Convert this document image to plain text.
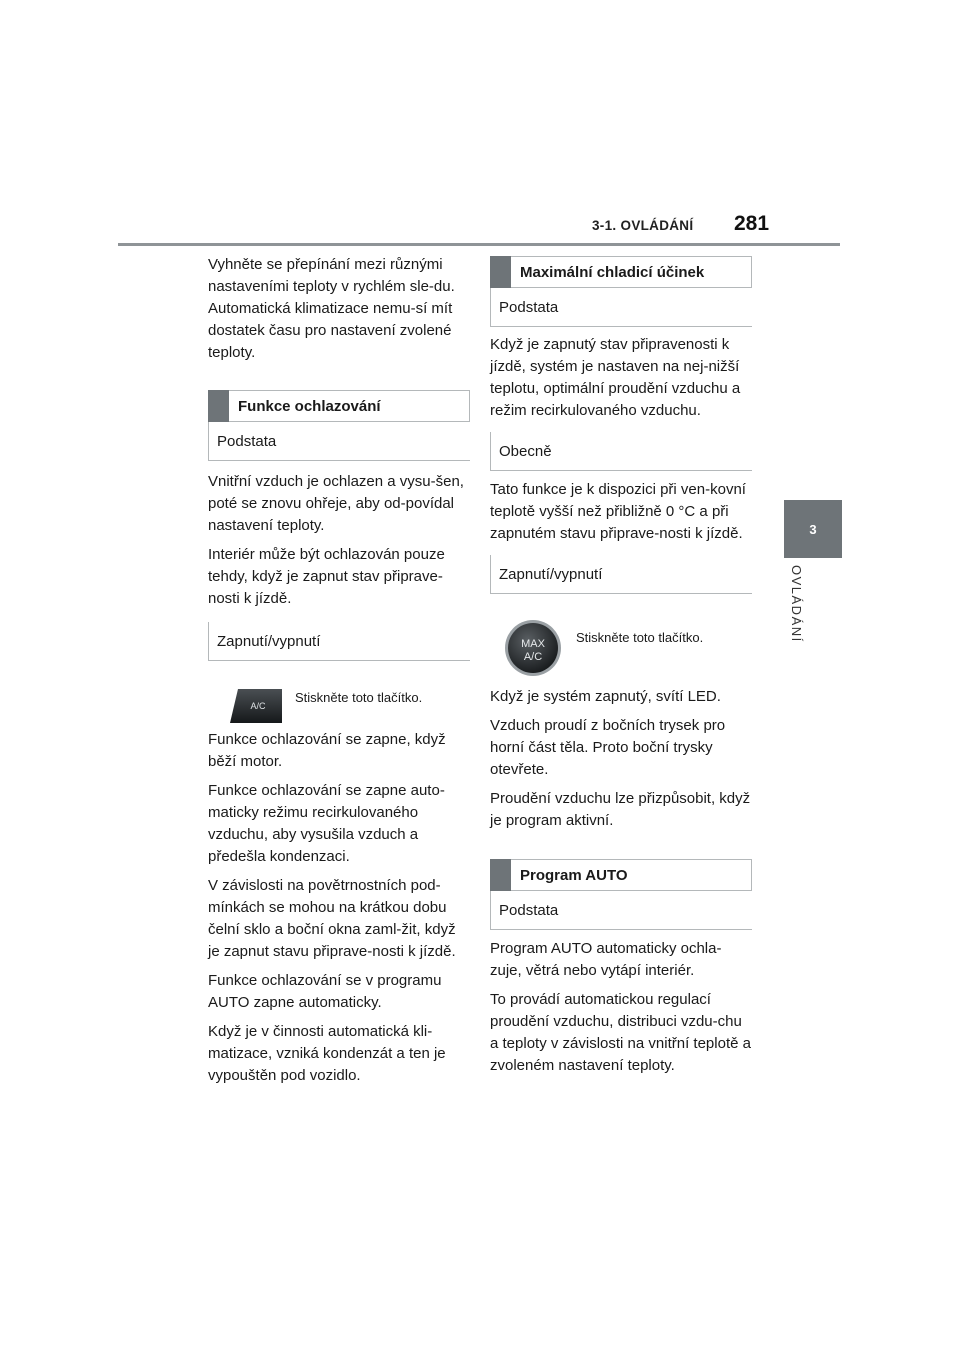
3-1. OVLÁDÁNÍ 281
3
OVLÁDÁNÍ

Vyhněte se přepínání mezi různými nastaveními teploty v rychlém sle-du. Automatická klimatizace nemu-sí mít dostatek času pro nastavení zvolené teploty.

Funkce ochlazování
Podstata

Vnitřní vzduch je ochlazen a vysu-šen, poté se znovu ohřeje, aby od-povídal nastavení teploty.

Interiér může být ochlazován pouze tehdy, když je zapnut stav připrave-nosti k jízdě.

Zapnutí/vypnutí
A/C
Stiskněte toto tlačítko.

Funkce ochlazování se zapne, když běží motor.

Funkce ochlazování se zapne auto-maticky režimu recirkulovaného vzduchu, aby vysušila vzduch a předešla kondenzaci.

V závislosti na povětrnostních pod-mínkách se mohou na krátkou dobu čelní sklo a boční okna zaml-žit, když je zapnut stavu připrave-nosti k jízdě.

Funkce ochlazování se v programu AUTO zapne automaticky.

Když je v činnosti automatická kli-matizace, vzniká kondenzát a ten je vypouštěn pod vozidlo.

Maximální chladicí účinek
Podstata

Když je zapnutý stav připravenosti k jízdě, systém je nastaven na nej-nižší teplotu, optimální proudění vzduchu a režim recirkulovaného vzduchu.

Obecně

Tato funkce je k dispozici při ven-kovní teplotě vyšší než přibližně 0 °C a při zapnutém stavu připrave-nosti k jízdě.

Zapnutí/vypnutí
MAX
A/C
Stiskněte toto tlačítko.

Když je systém zapnutý, svítí LED.

Vzduch proudí z bočních trysek pro horní část těla. Proto boční trysky otevřete.

Proudění vzduchu lze přizpůsobit, když je program aktivní.

Program AUTO
Podstata

Program AUTO automaticky ochla-zuje, větrá nebo vytápí interiér.

To provádí automatickou regulací proudění vzduchu, distribuci vzdu-chu a teploty v závislosti na vnitřní teplotě a zvoleném nastavení teploty.
